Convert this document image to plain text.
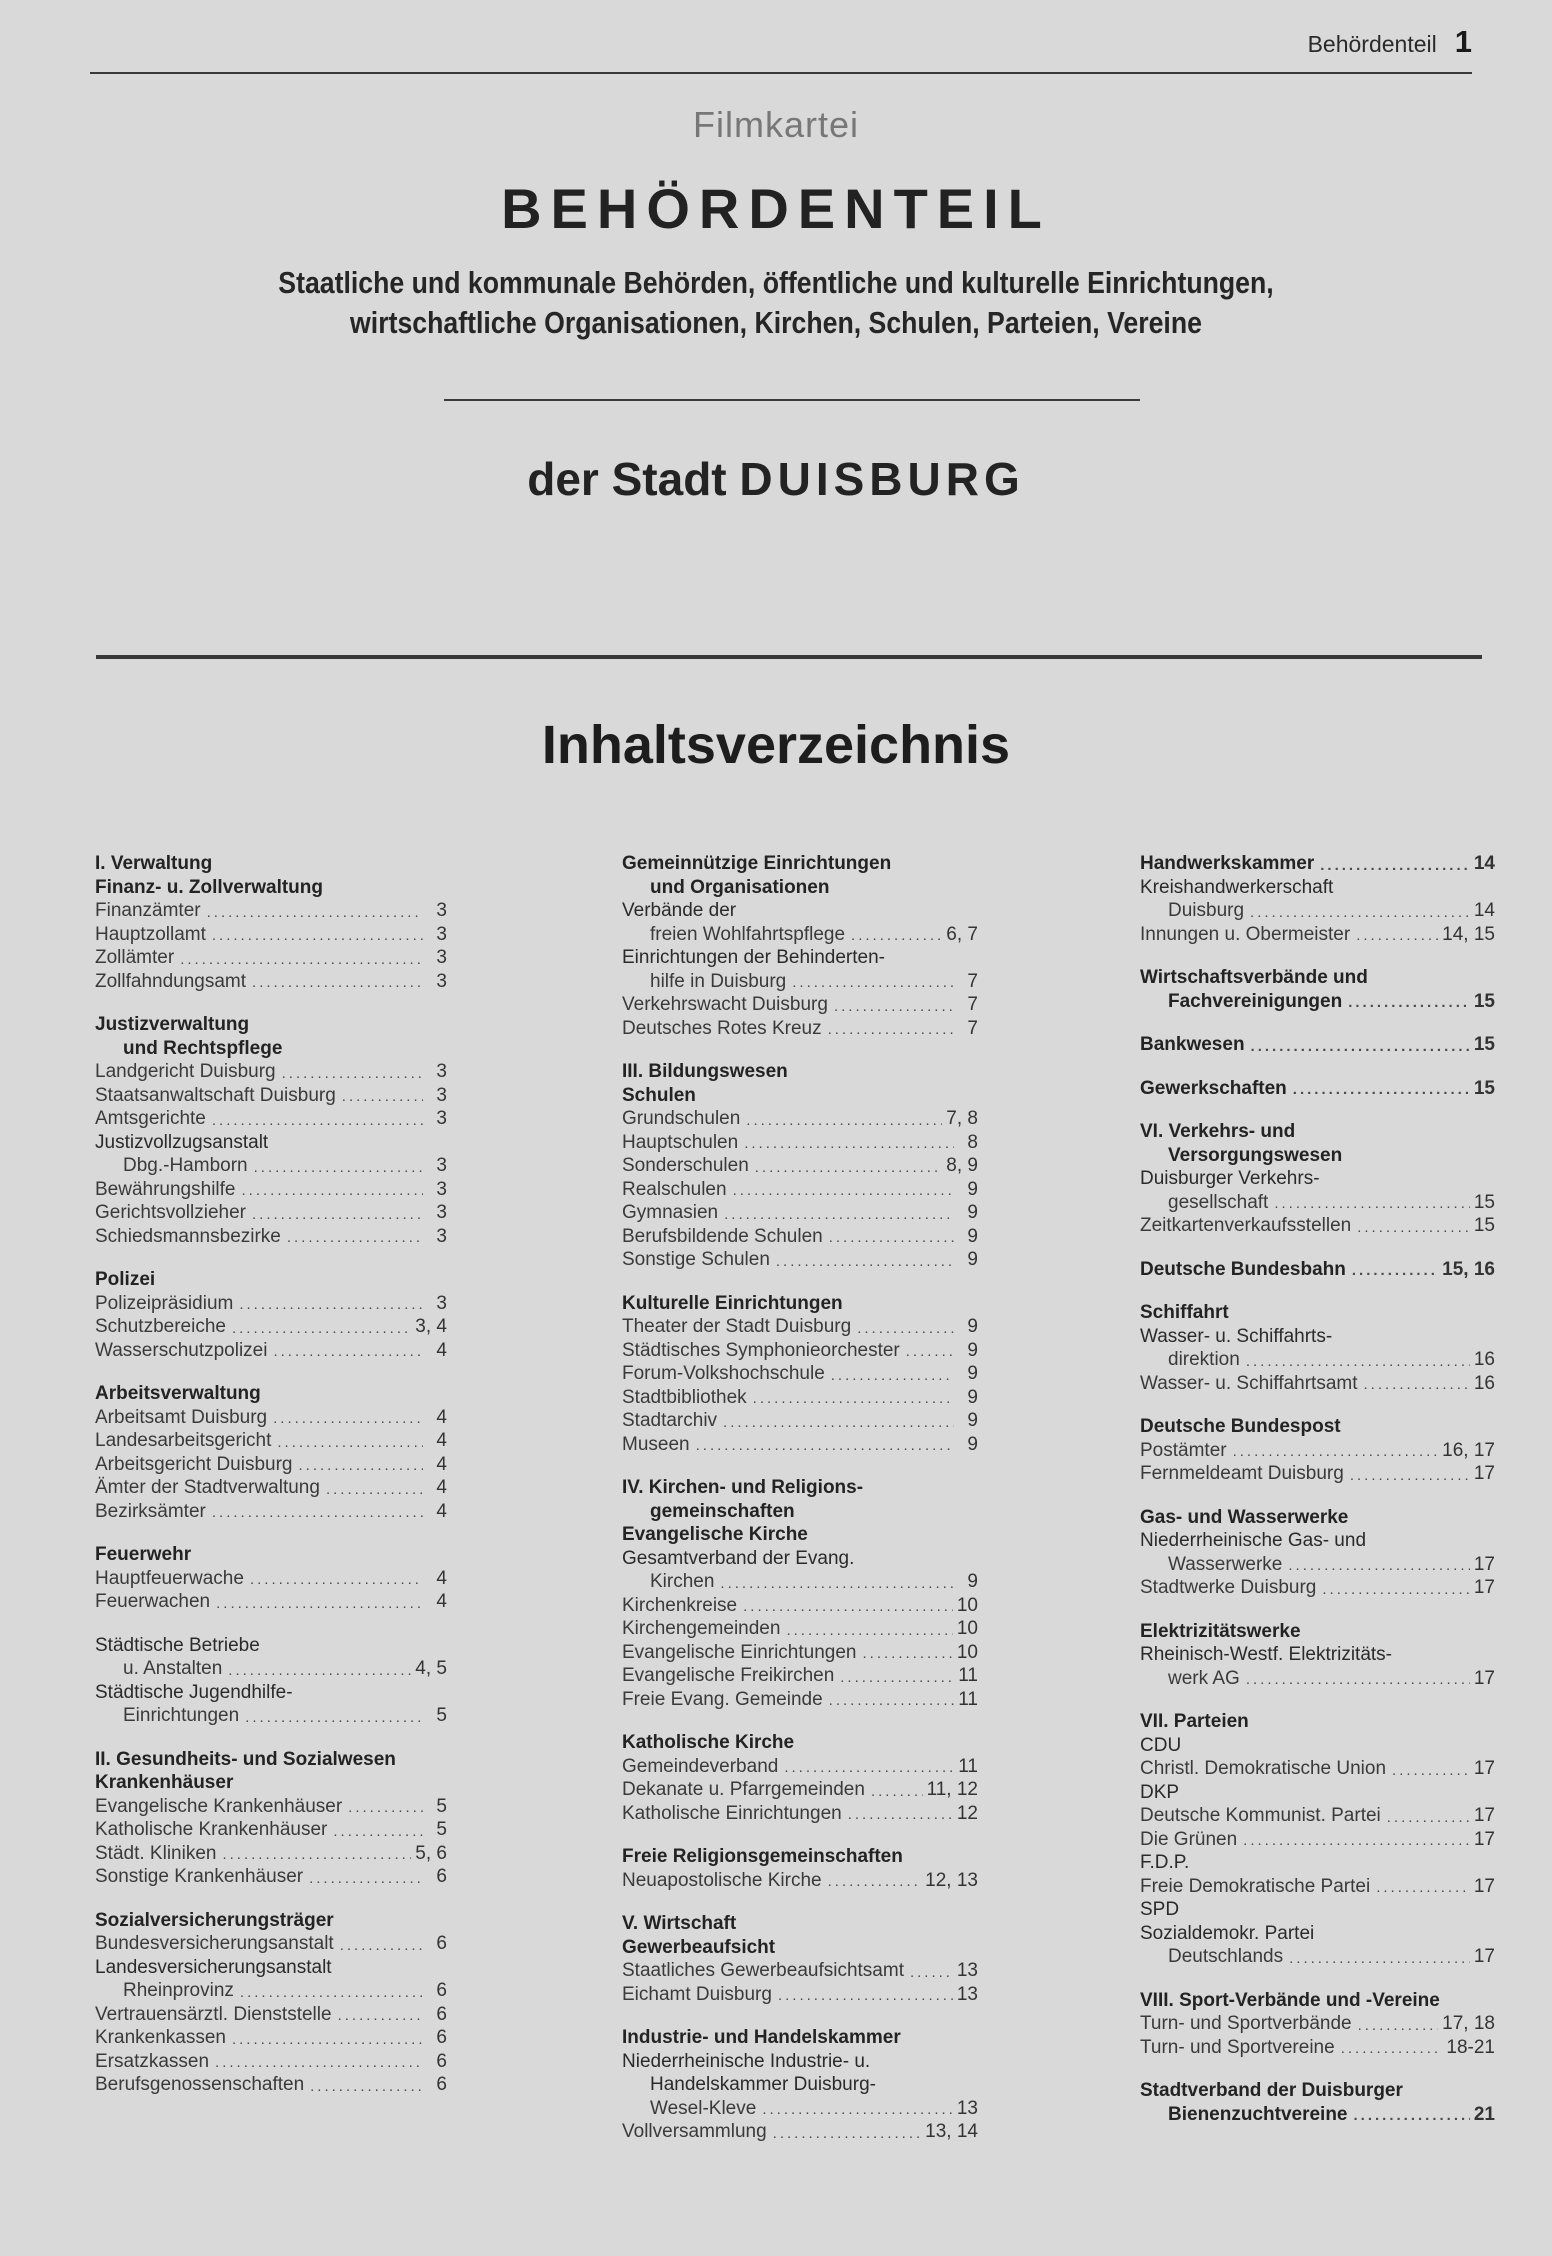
Behördenteil 1
Filmkartei
BEHÖRDENTEIL
Staatliche und kommunale Behörden, öffentliche und kulturelle Einrichtungen,
wirtschaftliche Organisationen, Kirchen, Schulen, Parteien, Vereine
der Stadt DUISBURG
Inhaltsverzeichnis
I. Verwaltung
Finanz- u. Zollverwaltung
Finanzämter .....	3
Hauptzollamt .....	3
Zollämter .....	3
Zollfahndungsamt .....	3
Justizverwaltung
und Rechtspflege
Landgericht Duisburg .....	3
Staatsanwaltschaft Duisburg .....	3
Amtsgerichte .....	3
Justizvollzugsanstalt
Dbg.-Hamborn .....	3
Bewährungshilfe .....	3
Gerichtsvollzieher .....	3
Schiedsmannsbezirke .....	3
Polizei
Polizeipräsidium .....	3
Schutzbereiche .....	3, 4
Wasserschutzpolizei .....	4
Arbeitsverwaltung
Arbeitsamt Duisburg .....	4
Landesarbeitsgericht .....	4
Arbeitsgericht Duisburg .....	4
Ämter der Stadtverwaltung .....	4
Bezirksämter .....	4
Feuerwehr
Hauptfeuerwache .....	4
Feuerwachen .....	4
Städtische Betriebe
u. Anstalten .....	4, 5
Städtische Jugendhilfe-
Einrichtungen .....	5
II. Gesundheits- und Sozialwesen
Krankenhäuser
Evangelische Krankenhäuser .....	5
Katholische Krankenhäuser .....	5
Städt. Kliniken .....	5, 6
Sonstige Krankenhäuser .....	6
Sozialversicherungsträger
Bundesversicherungsanstalt .....	6
Landesversicherungsanstalt
Rheinprovinz .....	6
Vertrauensärztl. Dienststelle .....	6
Krankenkassen .....	6
Ersatzkassen .....	6
Berufsgenossenschaften .....	6
Gemeinnützige Einrichtungen
und Organisationen
Verbände der
freien Wohlfahrtspflege .....	6, 7
Einrichtungen der Behinderten-
hilfe in Duisburg .....	7
Verkehrswacht Duisburg .....	7
Deutsches Rotes Kreuz .....	7
III. Bildungswesen
Schulen
Grundschulen .....	7, 8
Hauptschulen .....	8
Sonderschulen .....	8, 9
Realschulen .....	9
Gymnasien .....	9
Berufsbildende Schulen .....	9
Sonstige Schulen .....	9
Kulturelle Einrichtungen
Theater der Stadt Duisburg .....	9
Städtisches Symphonieorchester .....	9
Forum-Volkshochschule .....	9
Stadtbibliothek .....	9
Stadtarchiv .....	9
Museen .....	9
IV. Kirchen- und Religions-
gemeinschaften
Evangelische Kirche
Gesamtverband der Evang.
Kirchen .....	9
Kirchenkreise .....	10
Kirchengemeinden .....	10
Evangelische Einrichtungen .....	10
Evangelische Freikirchen .....	11
Freie Evang. Gemeinde .....	11
Katholische Kirche
Gemeindeverband .....	11
Dekanate u. Pfarrgemeinden .....	11, 12
Katholische Einrichtungen .....	12
Freie Religionsgemeinschaften
Neuapostolische Kirche .....	12, 13
V. Wirtschaft
Gewerbeaufsicht
Staatliches Gewerbeaufsichtsamt .....	13
Eichamt Duisburg .....	13
Industrie- und Handelskammer
Niederrheinische Industrie- u.
Handelskammer Duisburg-
Wesel-Kleve .....	13
Vollversammlung .....	13, 14
Handwerkskammer .....	14
Kreishandwerkerschaft
Duisburg .....	14
Innungen u. Obermeister .....	14, 15
Wirtschaftsverbände und
Fachvereinigungen .....	15
Bankwesen .....	15
Gewerkschaften .....	15
VI. Verkehrs- und
Versorgungswesen
Duisburger Verkehrs-
gesellschaft .....	15
Zeitkartenverkaufsstellen .....	15
Deutsche Bundesbahn .....	15, 16
Schiffahrt
Wasser- u. Schiffahrts-
direktion .....	16
Wasser- u. Schiffahrtsamt .....	16
Deutsche Bundespost
Postämter .....	16, 17
Fernmeldeamt Duisburg .....	17
Gas- und Wasserwerke
Niederrheinische Gas- und
Wasserwerke .....	17
Stadtwerke Duisburg .....	17
Elektrizitätswerke
Rheinisch-Westf. Elektrizitäts-
werk AG .....	17
VII. Parteien
CDU
Christl. Demokratische Union .....	17
DKP
Deutsche Kommunist. Partei .....	17
Die Grünen .....	17
F.D.P.
Freie Demokratische Partei .....	17
SPD
Sozialdemokr. Partei
Deutschlands .....	17
VIII. Sport-Verbände und -Vereine
Turn- und Sportverbände .....	17, 18
Turn- und Sportvereine .....	18-21
Stadtverband der Duisburger
Bienenzuchtvereine .....	21
